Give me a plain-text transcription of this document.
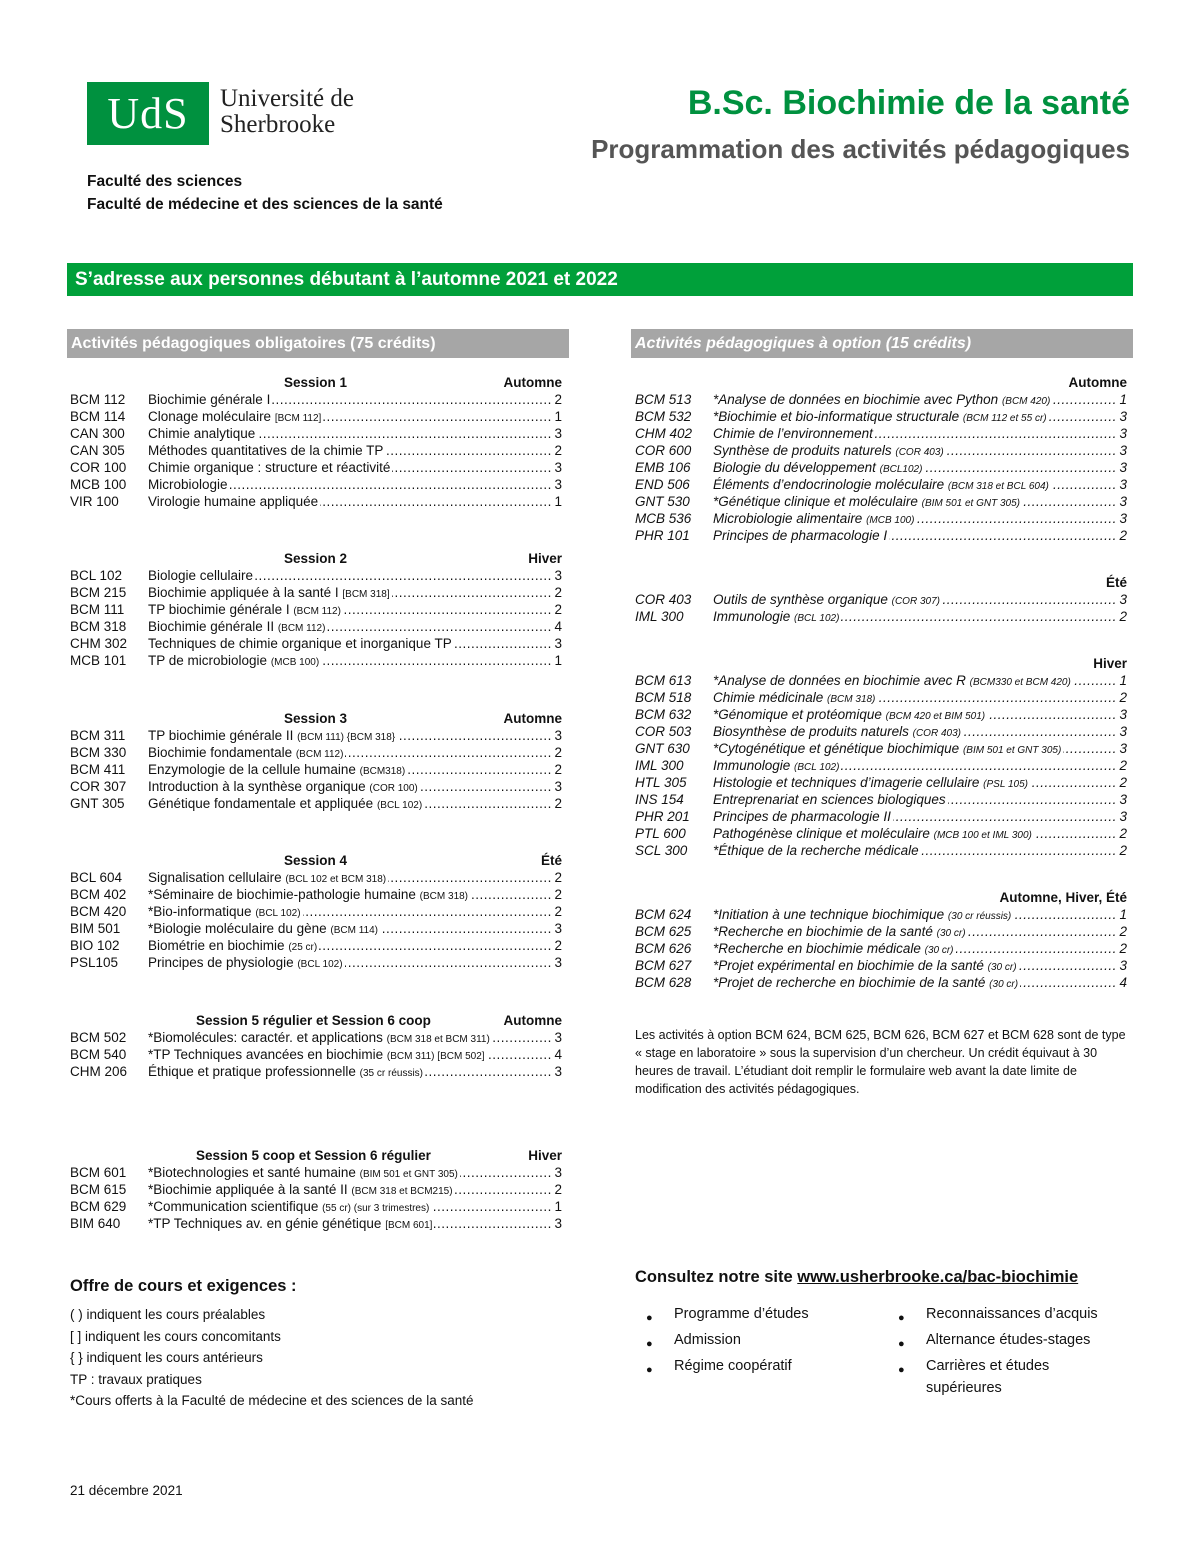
UdS	Université de
Sherbrooke
B.Sc. Biochimie de la santé
Programmation des activités pédagogiques
Faculté des sciences
Faculté de médecine et des sciences de la santé
S’adresse aux personnes débutant à l’automne 2021 et 2022
Activités pédagogiques obligatoires (75 crédits)	Activités pédagogiques à option (15 crédits)
Session 1	Automne
BCM 112	Biochimie générale I .....	2
BCM 114	Clonage moléculaire [BCM 112] .....	1
CAN 300	Chimie analytique .....	3
CAN 305	Méthodes quantitatives de la chimie TP .....	2
COR 100	Chimie organique : structure et réactivité .....	3
MCB 100	Microbiologie .....	3
VIR 100	Virologie humaine appliquée .....	1
Session 2	Hiver
BCL 102	Biologie cellulaire .....	3
BCM 215	Biochimie appliquée à la santé I [BCM 318] .....	2
BCM 111	TP biochimie générale I (BCM 112) .....	2
BCM 318	Biochimie générale II (BCM 112) .....	4
CHM 302	Techniques de chimie organique et inorganique TP .....	3
MCB 101	TP de microbiologie (MCB 100) .....	1
Session 3	Automne
BCM 311	TP biochimie générale II (BCM 111) {BCM 318} .....	3
BCM 330	Biochimie fondamentale (BCM 112) .....	2
BCM 411	Enzymologie de la cellule humaine (BCM318) .....	2
COR 307	Introduction à la synthèse organique (COR 100) .....	3
GNT 305	Génétique fondamentale et appliquée (BCL 102) .....	2
Session 4	Été
BCL 604	Signalisation cellulaire (BCL 102 et BCM 318) .....	2
BCM 402	*Séminaire de biochimie-pathologie humaine (BCM 318) .....	2
BCM 420	*Bio-informatique (BCL 102) .....	2
BIM 501	*Biologie moléculaire du gène (BCM 114) .....	3
BIO 102	Biométrie en biochimie (25 cr) .....	2
PSL105	Principes de physiologie (BCL 102) .....	3
Session 5 régulier et Session 6 coop	Automne
BCM 502	*Biomolécules: caractér. et applications (BCM 318 et BCM 311) .....	3
BCM 540	*TP Techniques avancées en biochimie (BCM 311) [BCM 502] .....	4
CHM 206	Éthique et pratique professionnelle (35 cr réussis) .....	3
Session 5 coop et Session 6 régulier	Hiver
BCM 601	*Biotechnologies et santé humaine (BIM 501 et GNT 305) .....	3
BCM 615	*Biochimie appliquée à la santé II (BCM 318 et BCM215) .....	2
BCM 629	*Communication scientifique (55 cr) (sur 3 trimestres) .....	1
BIM 640	*TP Techniques av. en génie génétique [BCM 601] .....	3
Automne
BCM 513	*Analyse de données en biochimie avec Python (BCM 420) .....	1
BCM 532	*Biochimie et bio-informatique structurale (BCM 112 et 55 cr) .....	3
CHM 402	Chimie de l’environnement .....	3
COR 600	Synthèse de produits naturels (COR 403) .....	3
EMB 106	Biologie du développement (BCL102) .....	3
END 506	Éléments d’endocrinologie moléculaire (BCM 318 et BCL 604) .....	3
GNT 530	*Génétique clinique et moléculaire (BIM 501 et GNT 305) .....	3
MCB 536	Microbiologie alimentaire (MCB 100) .....	3
PHR 101	Principes de pharmacologie I .....	2
Été
COR 403	Outils de synthèse organique (COR 307) .....	3
IML 300	Immunologie (BCL 102) .....	2
Hiver
BCM 613	*Analyse de données en biochimie avec R (BCM330 et BCM 420) .....	1
BCM 518	Chimie médicinale (BCM 318) .....	2
BCM 632	*Génomique et protéomique (BCM 420 et BIM 501) .....	3
COR 503	Biosynthèse de produits naturels (COR 403) .....	3
GNT 630	*Cytogénétique et génétique biochimique (BIM 501 et GNT 305) .....	3
IML 300	Immunologie (BCL 102) .....	2
HTL 305	Histologie et techniques d’imagerie cellulaire (PSL 105) .....	2
INS 154	Entreprenariat en sciences biologiques .....	3
PHR 201	Principes de pharmacologie II .....	3
PTL 600	Pathogénèse clinique et moléculaire (MCB 100 et IML 300) .....	2
SCL 300	*Éthique de la recherche médicale .....	2
Automne, Hiver, Été
BCM 624	*Initiation à une technique biochimique (30 cr réussis) .....	1
BCM 625	*Recherche en biochimie de la santé (30 cr) .....	2
BCM 626	*Recherche en biochimie médicale (30 cr) .....	2
BCM 627	*Projet expérimental en biochimie de la santé (30 cr) .....	3
BCM 628	*Projet de recherche en biochimie de la santé (30 cr) .....	4
Les activités à option BCM 624, BCM 625, BCM 626, BCM 627 et BCM 628 sont de type « stage en laboratoire » sous la supervision d’un chercheur. Un crédit équivaut à 30 heures de travail. L’étudiant doit remplir le formulaire web avant la date limite de modification des activités pédagogiques.
Offre de cours et exigences :
( ) indiquent les cours préalables
[ ] indiquent les cours concomitants
{ } indiquent les cours antérieurs
TP : travaux pratiques
*Cours offerts à la Faculté de médecine et des sciences de la santé
Consultez notre site www.usherbrooke.ca/bac-biochimie
● Programme d’études
● Admission
● Régime coopératif
● Reconnaissances d’acquis
● Alternance études-stages
● Carrières et études
supérieures
21 décembre 2021
